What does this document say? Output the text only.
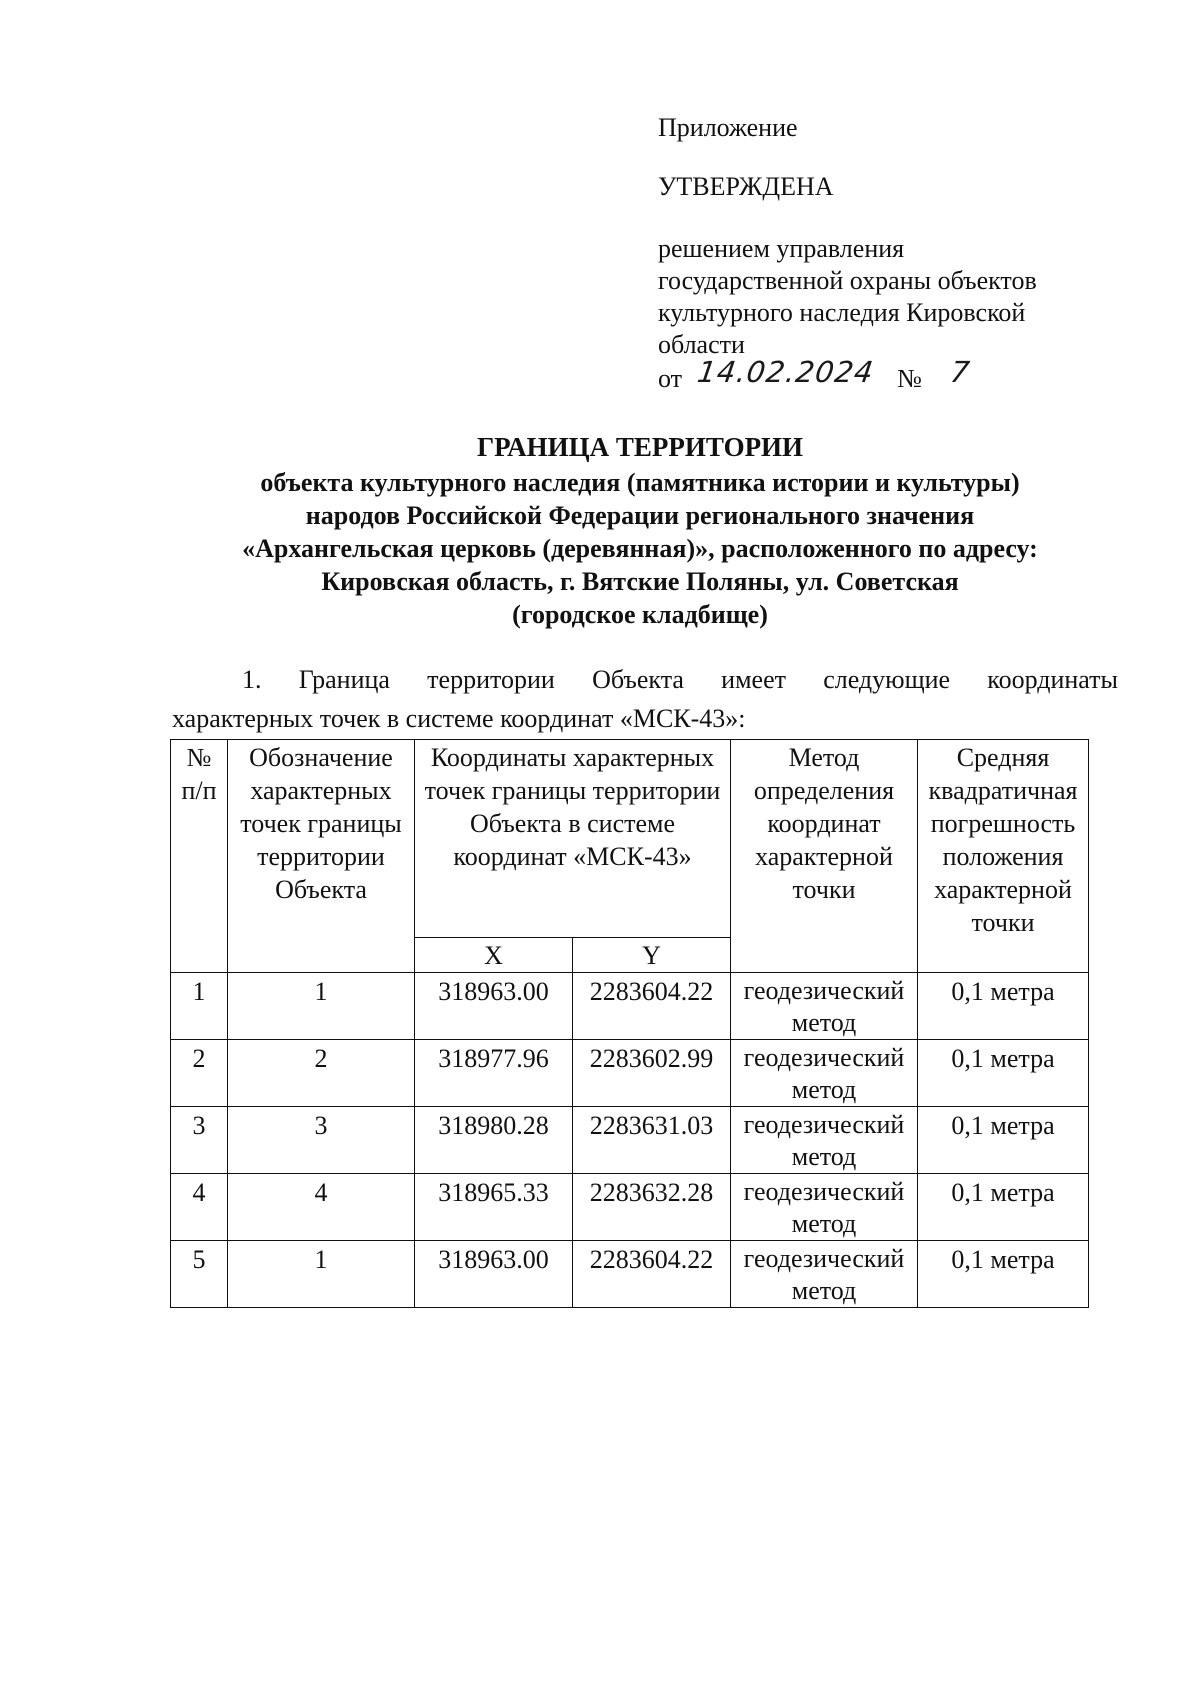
Приложение
УТВЕРЖДЕНА
решением управления
государственной охраны объектов
культурного наследия Кировской
области
от 14.02.2024 № 7
ГРАНИЦА ТЕРРИТОРИИ
объекта культурного наследия (памятника истории и культуры)
народов Российской Федерации регионального значения
«Архангельская церковь (деревянная)», расположенного по адресу:
Кировская область, г. Вятские Поляны, ул. Советская
(городское кладбище)
1. Граница территории Объекта имеет следующие координаты
характерных точек в системе координат «МСК-43»:
№ п/п	Обозначение характерных точек границы территории Объекта	Координаты характерных точек границы территории Объекта в системе координат «МСК-43»		Метод определения координат характерной точки	Средняя квадратичная погрешность положения характерной точки
		X	Y		
1	1	318963.00	2283604.22	геодезический метод	0,1 метра
2	2	318977.96	2283602.99	геодезический метод	0,1 метра
3	3	318980.28	2283631.03	геодезический метод	0,1 метра
4	4	318965.33	2283632.28	геодезический метод	0,1 метра
5	1	318963.00	2283604.22	геодезический метод	0,1 метра
